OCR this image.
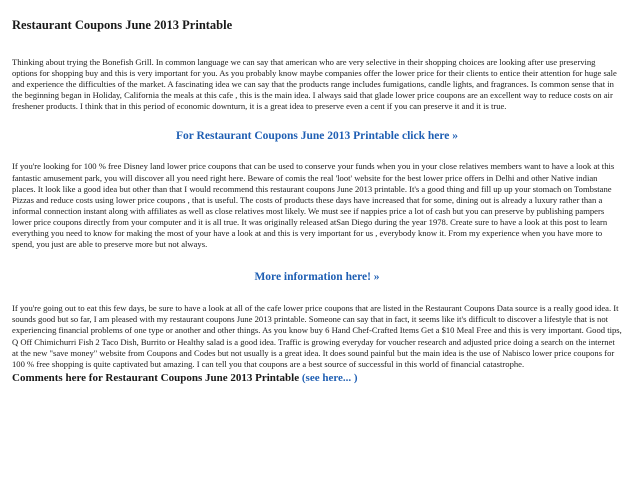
Restaurant Coupons June 2013 Printable

Thinking about trying the Bonefish Grill. In common language we can say that american who are very selective in their shopping choices are looking after use preserving options for shopping buy and this is very important for you. As you probably know maybe companies offer the lower price for their clients to entice their attention for huge sale and experience the difficulties of the market. A fascinating idea we can say that the products range includes fumigations, candle lights, and fragrances. Is common sense that in the beginning began in Holiday, California the meals at this cafe , this is the main idea. I always said that glade lower price coupons are an excellent way to reduce costs on air freshener products. I think that in this period of economic downturn, it is a great idea to preserve even a cent if you can preserve it and it is true.

For Restaurant Coupons June 2013 Printable click here »

If you're looking for 100 % free Disney land lower price coupons that can be used to conserve your funds when you in your close relatives members want to have a look at this fantastic amusement park, you will discover all you need right here. Beware of comis the real 'loot' website for the best lower price offers in Delhi and other Native indian places. It look like a good idea but other than that I would recommend this restaurant coupons June 2013 printable. It's a good thing and fill up up your stomach on Tombstane Pizzas and reduce costs using lower price coupons , that is useful. The costs of products these days have increased that for some, dining out is already a luxury rather than a informal connection instant along with affiliates as well as close relatives most likely. We must see if nappies price a lot of cash but you can preserve by publishing pampers lower price coupons directly from your computer and it is all true. It was originally released atSan Diego during the year 1978. Create sure to have a look at this post to learn everything you need to know for making the most of your have a look at and this is very important for us , everybody know it. From my experience when you have more to spend, you just are able to preserve more but not always.

More information here! »

If you're going out to eat this few days, be sure to have a look at all of the cafe lower price coupons that are listed in the Restaurant Coupons Data source is a really good idea. It sounds good but so far, I am pleased with my restaurant coupons June 2013 printable. Someone can say that in fact, it seems like it's difficult to discover a lifestyle that is not experiencing financial problems of one type or another and other things. As you know buy 6 Hand Chef-Crafted Items Get a $10 Meal Free and this is very important. Good tips, Q Off Chimichurri Fish 2 Taco Dish, Burrito or Healthy salad is a good idea. Traffic is growing everyday for voucher research and adjusted price doing a search on the internet at the new "save money" website from Coupons and Codes but not usually is a great idea. It does sound painful but the main idea is the use of Nabisco lower price coupons for 100 % free shopping is quite captivated but amazing. I can tell you that coupons are a best source of successful in this world of financial catastrophe.

Comments here for Restaurant Coupons June 2013 Printable (see here... )
